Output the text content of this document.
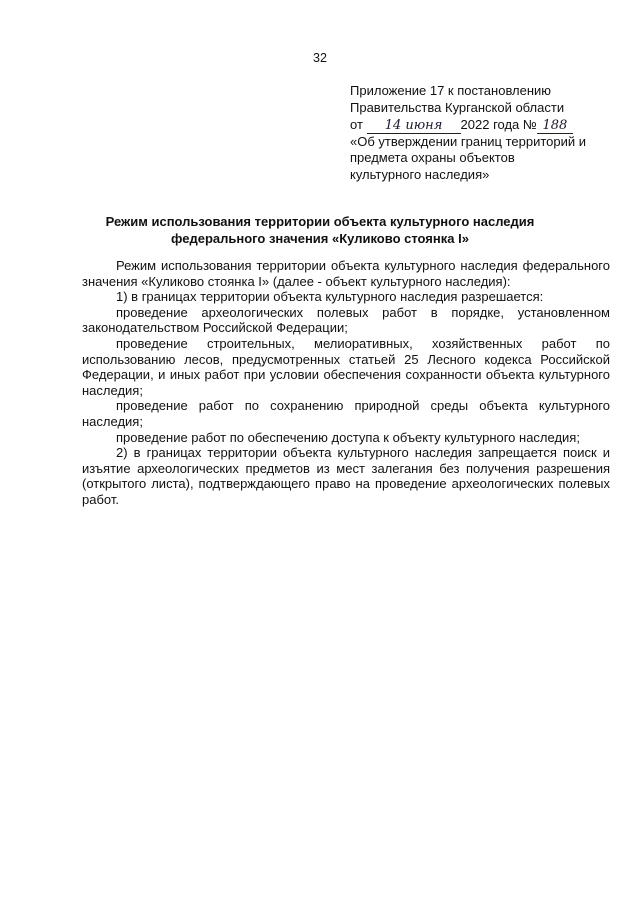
32
Приложение 17 к постановлению
Правительства Курганской области
от 14 июня 2022 года № 188
«Об утверждении границ территорий и
предмета охраны объектов
культурного наследия»
Режим использования территории объекта культурного наследия
федерального значения «Куликово стоянка I»

Режим использования территории объекта культурного наследия федерального значения «Куликово стоянка I» (далее - объект культурного наследия):

1) в границах территории объекта культурного наследия разрешается:

проведение археологических полевых работ в порядке, установленном законодательством Российской Федерации;

проведение строительных, мелиоративных, хозяйственных работ по использованию лесов, предусмотренных статьей 25 Лесного кодекса Российской Федерации, и иных работ при условии обеспечения сохранности объекта культурного наследия;

проведение работ по сохранению природной среды объекта культурного наследия;

проведение работ по обеспечению доступа к объекту культурного наследия;

2) в границах территории объекта культурного наследия запрещается поиск и изъятие археологических предметов из мест залегания без получения разрешения (открытого листа), подтверждающего право на проведение археологических полевых работ.
